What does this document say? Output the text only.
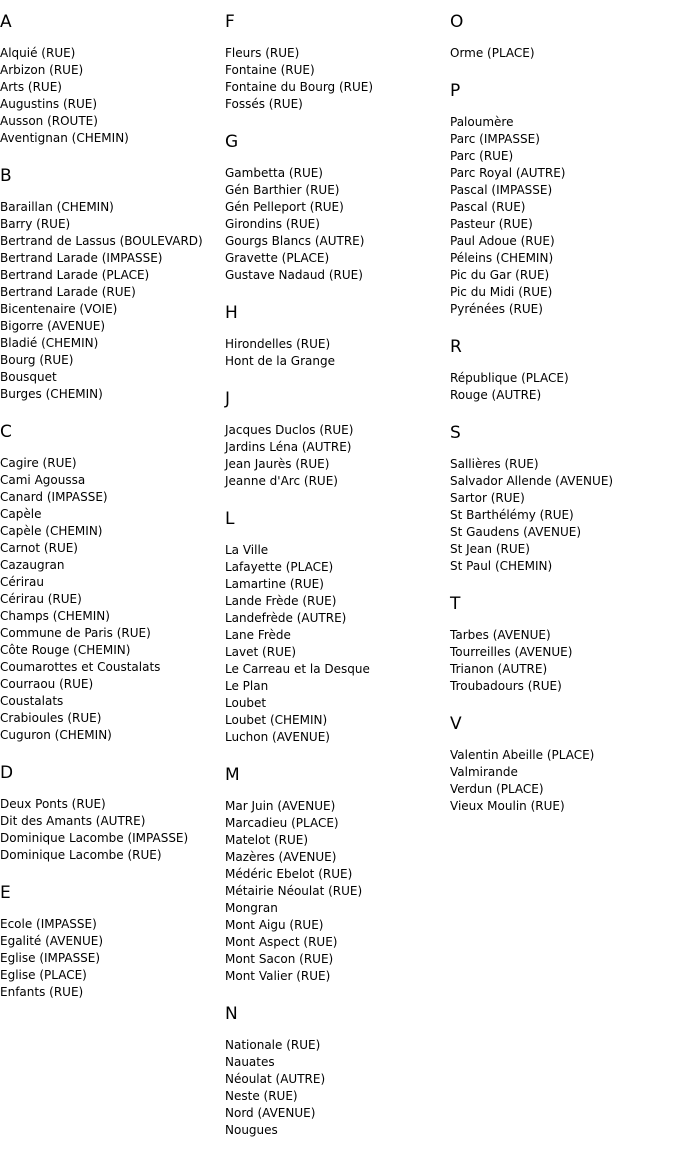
A
Alquié (RUE)
Arbizon (RUE)
Arts (RUE)
Augustins (RUE)
Ausson (ROUTE)
Aventignan (CHEMIN)
B
Baraillan (CHEMIN)
Barry (RUE)
Bertrand de Lassus (BOULEVARD)
Bertrand Larade (IMPASSE)
Bertrand Larade (PLACE)
Bertrand Larade (RUE)
Bicentenaire (VOIE)
Bigorre (AVENUE)
Bladié (CHEMIN)
Bourg (RUE)
Bousquet
Burges (CHEMIN)
C
Cagire (RUE)
Cami Agoussa
Canard (IMPASSE)
Capèle
Capèle (CHEMIN)
Carnot (RUE)
Cazaugran
Cérirau
Cérirau (RUE)
Champs (CHEMIN)
Commune de Paris (RUE)
Côte Rouge (CHEMIN)
Coumarottes et Coustalats
Courraou (RUE)
Coustalats
Crabioules (RUE)
Cuguron (CHEMIN)
D
Deux Ponts (RUE)
Dit des Amants (AUTRE)
Dominique Lacombe (IMPASSE)
Dominique Lacombe (RUE)
E
Ecole (IMPASSE)
Egalité (AVENUE)
Eglise (IMPASSE)
Eglise (PLACE)
Enfants (RUE)
F
Fleurs (RUE)
Fontaine (RUE)
Fontaine du Bourg (RUE)
Fossés (RUE)
G
Gambetta (RUE)
Gén Barthier (RUE)
Gén Pelleport (RUE)
Girondins (RUE)
Gourgs Blancs (AUTRE)
Gravette (PLACE)
Gustave Nadaud (RUE)
H
Hirondelles (RUE)
Hont de la Grange
J
Jacques Duclos (RUE)
Jardins Léna (AUTRE)
Jean Jaurès (RUE)
Jeanne d'Arc (RUE)
L
La Ville
Lafayette (PLACE)
Lamartine (RUE)
Lande Frède (RUE)
Landefrède (AUTRE)
Lane Frède
Lavet (RUE)
Le Carreau et la Desque
Le Plan
Loubet
Loubet (CHEMIN)
Luchon (AVENUE)
M
Mar Juin (AVENUE)
Marcadieu (PLACE)
Matelot (RUE)
Mazères (AVENUE)
Médéric Ebelot (RUE)
Métairie Néoulat (RUE)
Mongran
Mont Aigu (RUE)
Mont Aspect (RUE)
Mont Sacon (RUE)
Mont Valier (RUE)
N
Nationale (RUE)
Nauates
Néoulat (AUTRE)
Neste (RUE)
Nord (AVENUE)
Nougues
O
Orme (PLACE)
P
Paloumère
Parc (IMPASSE)
Parc (RUE)
Parc Royal (AUTRE)
Pascal (IMPASSE)
Pascal (RUE)
Pasteur (RUE)
Paul Adoue (RUE)
Péleins (CHEMIN)
Pic du Gar (RUE)
Pic du Midi (RUE)
Pyrénées (RUE)
R
République (PLACE)
Rouge (AUTRE)
S
Sallières (RUE)
Salvador Allende (AVENUE)
Sartor (RUE)
St Barthélémy (RUE)
St Gaudens (AVENUE)
St Jean (RUE)
St Paul (CHEMIN)
T
Tarbes (AVENUE)
Tourreilles (AVENUE)
Trianon (AUTRE)
Troubadours (RUE)
V
Valentin Abeille (PLACE)
Valmirande
Verdun (PLACE)
Vieux Moulin (RUE)
